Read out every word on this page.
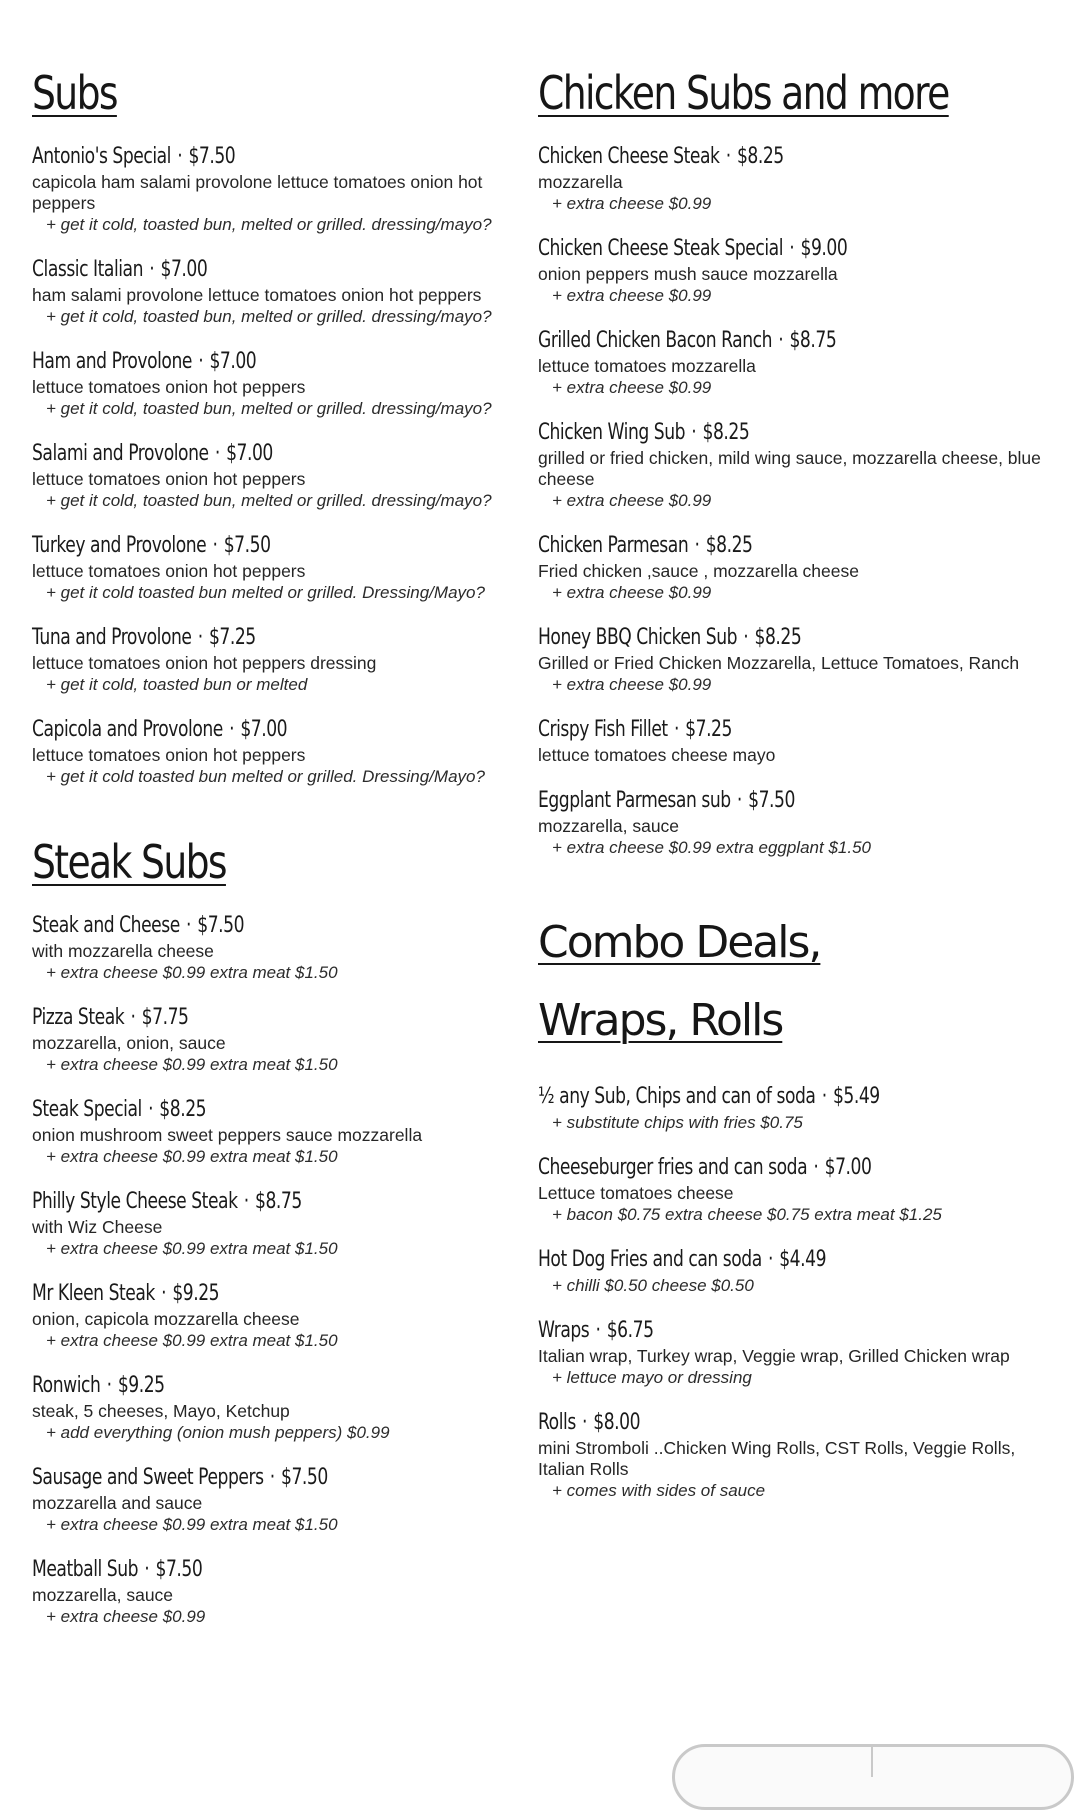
Subs
Antonio's Special · $7.50
capicola ham salami provolone lettuce tomatoes onion hot peppers
+ get it cold, toasted bun, melted or grilled. dressing/mayo?
Classic Italian · $7.00
ham salami provolone lettuce tomatoes onion hot peppers
+ get it cold, toasted bun, melted or grilled. dressing/mayo?
Ham and Provolone · $7.00
lettuce tomatoes onion hot peppers
+ get it cold, toasted bun, melted or grilled. dressing/mayo?
Salami and Provolone · $7.00
lettuce tomatoes onion hot peppers
+ get it cold, toasted bun, melted or grilled. dressing/mayo?
Turkey and Provolone · $7.50
lettuce tomatoes onion hot peppers
+ get it cold toasted bun melted or grilled. Dressing/Mayo?
Tuna and Provolone · $7.25
lettuce tomatoes onion hot peppers dressing
+ get it cold, toasted bun or melted
Capicola and Provolone · $7.00
lettuce tomatoes onion hot peppers
+ get it cold toasted bun melted or grilled. Dressing/Mayo?
Steak Subs
Steak and Cheese · $7.50
with mozzarella cheese
+ extra cheese $0.99 extra meat $1.50
Pizza Steak · $7.75
mozzarella, onion, sauce
+ extra cheese $0.99 extra meat $1.50
Steak Special · $8.25
onion mushroom sweet peppers sauce mozzarella
+ extra cheese $0.99 extra meat $1.50
Philly Style Cheese Steak · $8.75
with Wiz Cheese
+ extra cheese $0.99 extra meat $1.50
Mr Kleen Steak · $9.25
onion, capicola mozzarella cheese
+ extra cheese $0.99 extra meat $1.50
Ronwich · $9.25
steak, 5 cheeses, Mayo, Ketchup
+ add everything (onion mush peppers) $0.99
Sausage and Sweet Peppers · $7.50
mozzarella and sauce
+ extra cheese $0.99 extra meat $1.50
Meatball Sub · $7.50
mozzarella, sauce
+ extra cheese $0.99
Chicken Subs and more
Chicken Cheese Steak · $8.25
mozzarella
+ extra cheese $0.99
Chicken Cheese Steak Special · $9.00
onion peppers mush sauce mozzarella
+ extra cheese $0.99
Grilled Chicken Bacon Ranch · $8.75
lettuce tomatoes mozzarella
+ extra cheese $0.99
Chicken Wing Sub · $8.25
grilled or fried chicken, mild wing sauce, mozzarella cheese, blue cheese
+ extra cheese $0.99
Chicken Parmesan · $8.25
Fried chicken ,sauce , mozzarella cheese
+ extra cheese $0.99
Honey BBQ Chicken Sub · $8.25
Grilled or Fried Chicken Mozzarella, Lettuce Tomatoes, Ranch
+ extra cheese $0.99
Crispy Fish Fillet · $7.25
lettuce tomatoes cheese mayo
Eggplant Parmesan sub · $7.50
mozzarella, sauce
+ extra cheese $0.99 extra eggplant $1.50
Combo Deals, Wraps, Rolls
½ any Sub, Chips and can of soda · $5.49
+ substitute chips with fries $0.75
Cheeseburger fries and can soda · $7.00
Lettuce tomatoes cheese
+ bacon $0.75 extra cheese $0.75 extra meat $1.25
Hot Dog Fries and can soda · $4.49
+ chilli $0.50 cheese $0.50
Wraps · $6.75
Italian wrap, Turkey wrap, Veggie wrap, Grilled Chicken wrap
+ lettuce mayo or dressing
Rolls · $8.00
mini Stromboli ..Chicken Wing Rolls, CST Rolls, Veggie Rolls, Italian Rolls
+ comes with sides of sauce
